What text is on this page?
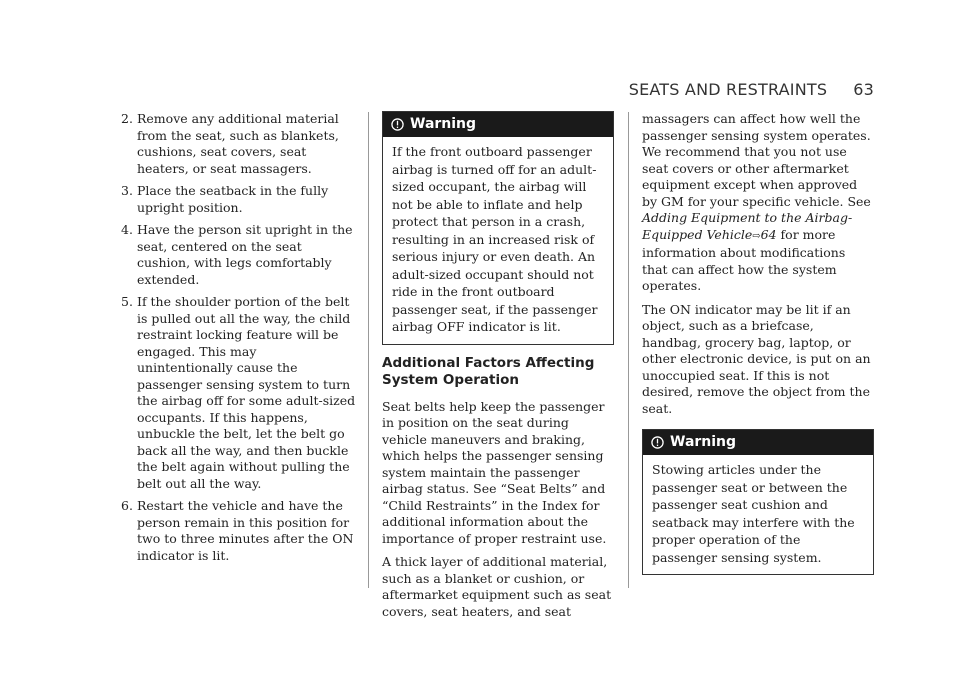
SEATS AND RESTRAINTS 63
2. Remove any additional material from the seat, such as blankets, cushions, seat covers, seat heaters, or seat massagers.
3. Place the seatback in the fully upright position.
4. Have the person sit upright in the seat, centered on the seat cushion, with legs comfortably extended.
5. If the shoulder portion of the belt is pulled out all the way, the child restraint locking feature will be engaged. This may unintentionally cause the passenger sensing system to turn the airbag off for some adult-sized occupants. If this happens, unbuckle the belt, let the belt go back all the way, and then buckle the belt again without pulling the belt out all the way.
6. Restart the vehicle and have the person remain in this position for two to three minutes after the ON indicator is lit.
Warning
If the front outboard passenger airbag is turned off for an adult-sized occupant, the airbag will not be able to inflate and help protect that person in a crash, resulting in an increased risk of serious injury or even death. An adult-sized occupant should not ride in the front outboard passenger seat, if the passenger airbag OFF indicator is lit.
Additional Factors Affecting System Operation

Seat belts help keep the passenger in position on the seat during vehicle maneuvers and braking, which helps the passenger sensing system maintain the passenger airbag status. See “Seat Belts” and “Child Restraints” in the Index for additional information about the importance of proper restraint use.

A thick layer of additional material, such as a blanket or cushion, or aftermarket equipment such as seat covers, seat heaters, and seat

massagers can affect how well the passenger sensing system operates. We recommend that you not use seat covers or other aftermarket equipment except when approved by GM for your specific vehicle. See Adding Equipment to the Airbag-Equipped Vehicle⇨64 for more information about modifications that can affect how the system operates.

The ON indicator may be lit if an object, such as a briefcase, handbag, grocery bag, laptop, or other electronic device, is put on an unoccupied seat. If this is not desired, remove the object from the seat.

Warning
Stowing articles under the passenger seat or between the passenger seat cushion and seatback may interfere with the proper operation of the passenger sensing system.
